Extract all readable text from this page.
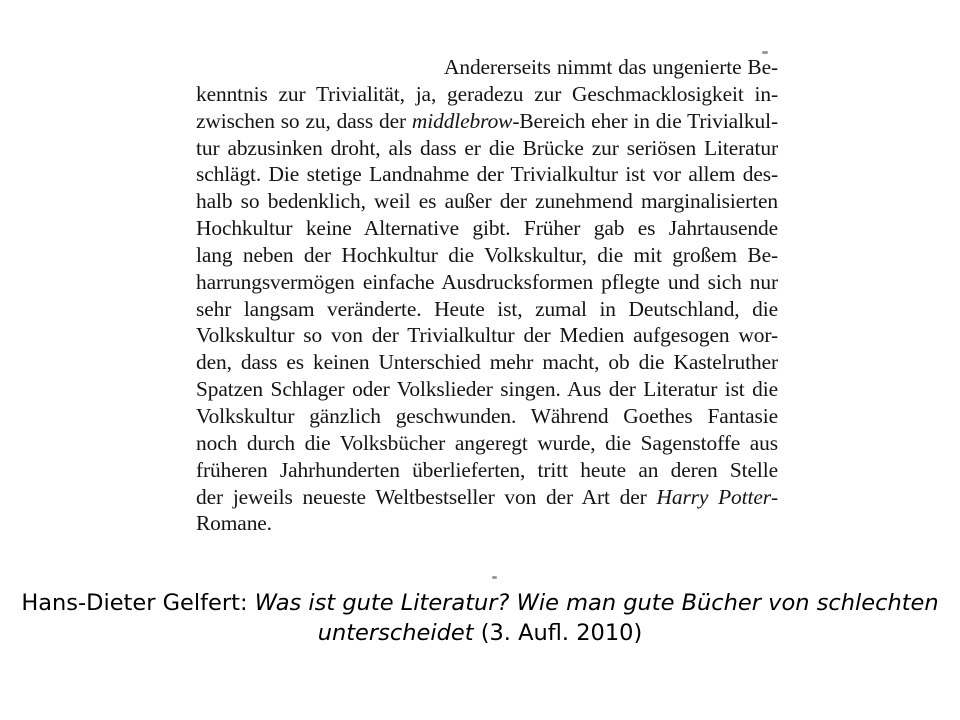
Andererseits nimmt das ungenierte Be-
kenntnis zur Trivialität, ja, geradezu zur Geschmacklosigkeit in-
zwischen so zu, dass der middlebrow-Bereich eher in die Trivialkul-
tur abzusinken droht, als dass er die Brücke zur seriösen Literatur
schlägt. Die stetige Landnahme der Trivialkultur ist vor allem des-
halb so bedenklich, weil es außer der zunehmend marginalisierten
Hochkultur keine Alternative gibt. Früher gab es Jahrtausende
lang neben der Hochkultur die Volkskultur, die mit großem Be-
harrungsvermögen einfache Ausdrucksformen pflegte und sich nur
sehr langsam veränderte. Heute ist, zumal in Deutschland, die
Volkskultur so von der Trivialkultur der Medien aufgesogen wor-
den, dass es keinen Unterschied mehr macht, ob die Kastelruther
Spatzen Schlager oder Volkslieder singen. Aus der Literatur ist die
Volkskultur gänzlich geschwunden. Während Goethes Fantasie
noch durch die Volksbücher angeregt wurde, die Sagenstoffe aus
früheren Jahrhunderten überlieferten, tritt heute an deren Stelle
der jeweils neueste Weltbestseller von der Art der Harry Potter-
Romane.
Hans-Dieter Gelfert: Was ist gute Literatur? Wie man gute Bücher von schlechten unterscheidet (3. Aufl. 2010)
